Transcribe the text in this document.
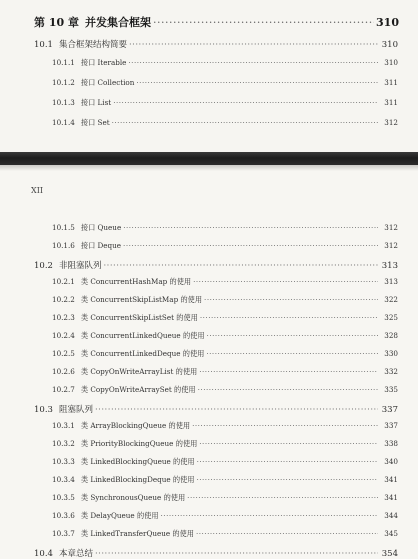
第 10 章 并发集合框架 ·····	310
10.1 集合框架结构简要 ·····	310
10.1.1 接口 Iterable ·····	310
10.1.2 接口 Collection ·····	311
10.1.3 接口 List ·····	311
10.1.4 接口 Set ·····	312
10.1.5 接口 Queue ·····	312
10.1.6 接口 Deque ·····	312
10.2 非阻塞队列 ·····	313
10.2.1 类 ConcurrentHashMap 的使用 ·····	313
10.2.2 类 ConcurrentSkipListMap 的使用 ·····	322
10.2.3 类 ConcurrentSkipListSet 的使用 ·····	325
10.2.4 类 ConcurrentLinkedQueue 的使用 ·····	328
10.2.5 类 ConcurrentLinkedDeque 的使用 ·····	330
10.2.6 类 CopyOnWriteArrayList 的使用 ·····	332
10.2.7 类 CopyOnWriteArraySet 的使用 ·····	335
10.3 阻塞队列 ·····	337
10.3.1 类 ArrayBlockingQueue 的使用 ·····	337
10.3.2 类 PriorityBlockingQueue 的使用 ·····	338
10.3.3 类 LinkedBlockingQueue 的使用 ·····	340
10.3.4 类 LinkedBlockingDeque 的使用 ·····	341
10.3.5 类 SynchronousQueue 的使用 ·····	341
10.3.6 类 DelayQueue 的使用 ·····	344
10.3.7 类 LinkedTransferQueue 的使用 ·····	345
10.4 本章总结 ·····	354
XII
